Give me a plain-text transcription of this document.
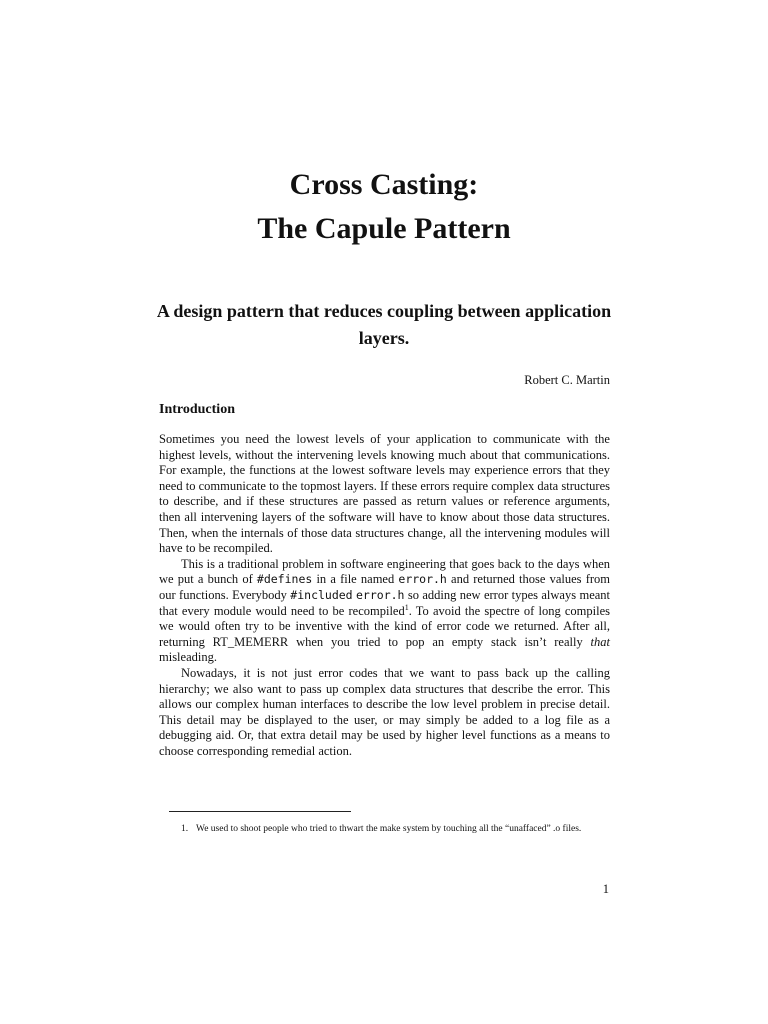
Cross Casting:
The Capule Pattern
A design pattern that reduces coupling between application layers.

Robert C. Martin

Introduction

Sometimes you need the lowest levels of your application to communicate with the highest levels, without the intervening levels knowing much about that communications. For example, the functions at the lowest software levels may experience errors that they need to communicate to the topmost layers. If these errors require complex data structures to describe, and if these structures are passed as return values or reference arguments, then all intervening layers of the software will have to know about those data structures. Then, when the internals of those data structures change, all the intervening modules will have to be recompiled.

This is a traditional problem in software engineering that goes back to the days when we put a bunch of #defines in a file named error.h and returned those values from our functions. Everybody #included error.h so adding new error types always meant that every module would need to be recompiled$^1$. To avoid the spectre of long compiles we would often try to be inventive with the kind of error code we returned. After all, returning RT_MEMERR when you tried to pop an empty stack isn’t really that misleading.

Nowadays, it is not just error codes that we want to pass back up the calling hierarchy; we also want to pass up complex data structures that describe the error. This allows our complex human interfaces to describe the low level problem in precise detail. This detail may be displayed to the user, or may simply be added to a log file as a debugging aid. Or, that extra detail may be used by higher level functions as a means to choose corresponding remedial action.

1. We used to shoot people who tried to thwart the make system by touching all the “unaffaced” .o files.

1
